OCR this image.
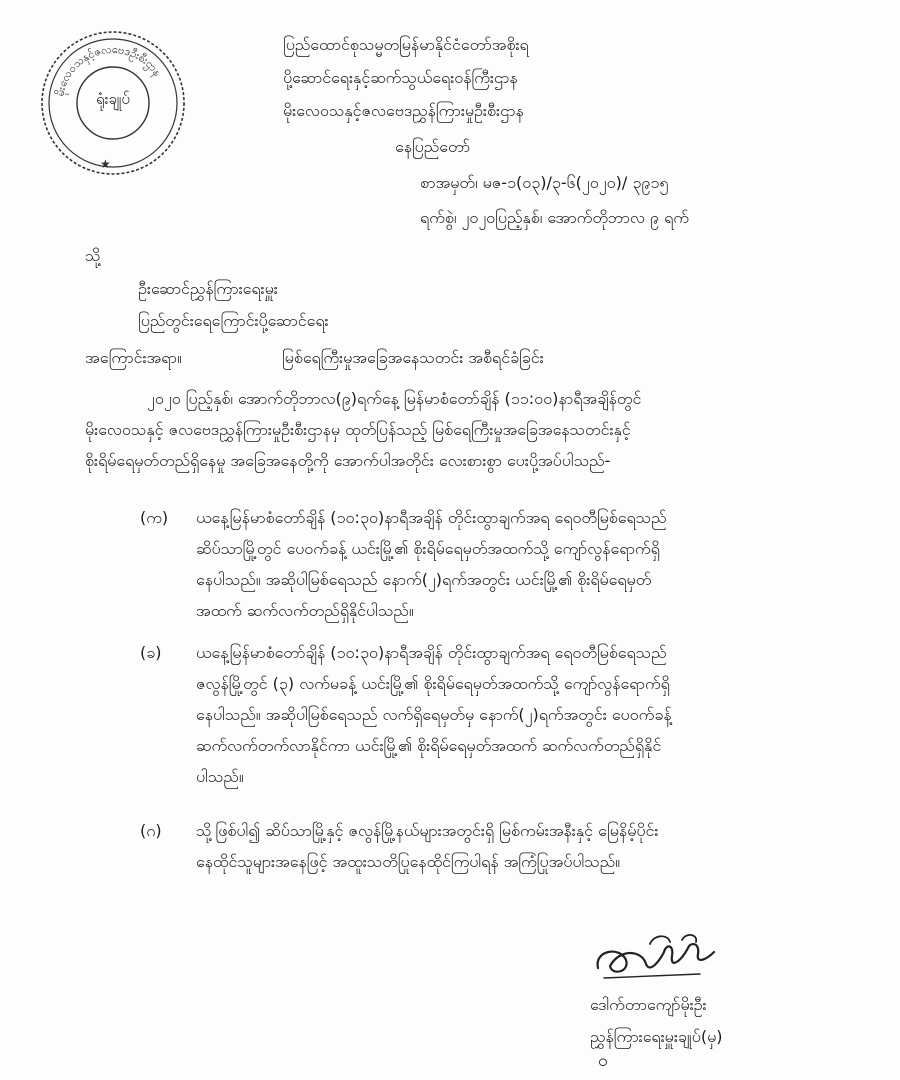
မိုးလေဝသနှင့်ဇလဗေဒဦးစီးဌာန
★
ရုံးချုပ်
ပြည်ထောင်စုသမ္မတမြန်မာနိုင်ငံတော်အစိုးရ
ပို့ဆောင်ရေးနှင့်ဆက်သွယ်ရေးဝန်ကြီးဌာန
မိုးလေဝသနှင့်ဇလဗေဒညွှန်ကြားမှုဦးစီးဌာန
နေပြည်တော်
စာအမှတ်၊ မဇ-၁(၀၃)/၃-၆(၂၀၂၀)/ ၃၉၁၅
ရက်စွဲ၊ ၂၀၂၀ပြည့်နှစ်၊ အောက်တိုဘာလ ၉ ရက်
သို့
ဦးဆောင်ညွှန်ကြားရေးမှူး
ပြည်တွင်းရေကြောင်းပို့ဆောင်ရေး
အကြောင်းအရာ။	မြစ်ရေကြီးမှုအခြေအနေသတင်း အစီရင်ခံခြင်း
၂၀၂၀ ပြည့်နှစ်၊ အောက်တိုဘာလ(၉)ရက်နေ့ မြန်မာစံတော်ချိန် (၁၁:၀၀)နာရီအချိန်တွင်
မိုးလေဝသနှင့် ဇလဗေဒညွှန်ကြားမှုဦးစီးဌာနမှ ထုတ်ပြန်သည့် မြစ်ရေကြီးမှုအခြေအနေသတင်းနှင့်
စိုးရိမ်ရေမှတ်တည်ရှိနေမှု အခြေအနေတို့ကို အောက်ပါအတိုင်း လေးစားစွာ ပေးပို့အပ်ပါသည်-
(က) ယနေ့မြန်မာစံတော်ချိန် (၁၀:၃၀)နာရီအချိန် တိုင်းထွာချက်အရ ရေဝတီမြစ်ရေသည်
ဆိပ်သာမြို့တွင် ပေ၀က်ခန့် ယင်းမြို့၏ စိုးရိမ်ရေမှတ်အထက်သို့ ကျော်လွန်ရောက်ရှိ
နေပါသည်။ အဆိုပါမြစ်ရေသည် နောက်(၂)ရက်အတွင်း ယင်းမြို့၏ စိုးရိမ်ရေမှတ်
အထက် ဆက်လက်တည်ရှိနိုင်ပါသည်။
(ခ) ယနေ့မြန်မာစံတော်ချိန် (၁၀:၃၀)နာရီအချိန် တိုင်းထွာချက်အရ ရေဝတီမြစ်ရေသည်
ဇလွန်မြို့တွင် (၃) လက်မခန့် ယင်းမြို့၏ စိုးရိမ်ရေမှတ်အထက်သို့ ကျော်လွန်ရောက်ရှိ
နေပါသည်။ အဆိုပါမြစ်ရေသည် လက်ရှိရေမှတ်မှ နောက်(၂)ရက်အတွင်း ပေ၀က်ခန့်
ဆက်လက်တက်လာနိုင်ကာ ယင်းမြို့၏ စိုးရိမ်ရေမှတ်အထက် ဆက်လက်တည်ရှိနိုင်
ပါသည်။
(ဂ) သို့ဖြစ်ပါ၍ ဆိပ်သာမြို့နှင့် ဇလွန်မြို့နယ်များအတွင်းရှိ မြစ်ကမ်းအနီးနှင့် မြေနိမ့်ပိုင်း
နေထိုင်သူများအနေဖြင့် အထူးသတိပြုနေထိုင်ကြပါရန် အကြံပြုအပ်ပါသည်။
ဒေါက်တာကျော်မိုးဦး
ညွှန်ကြားရေးမှူးချုပ်(မှ)
ဝ
